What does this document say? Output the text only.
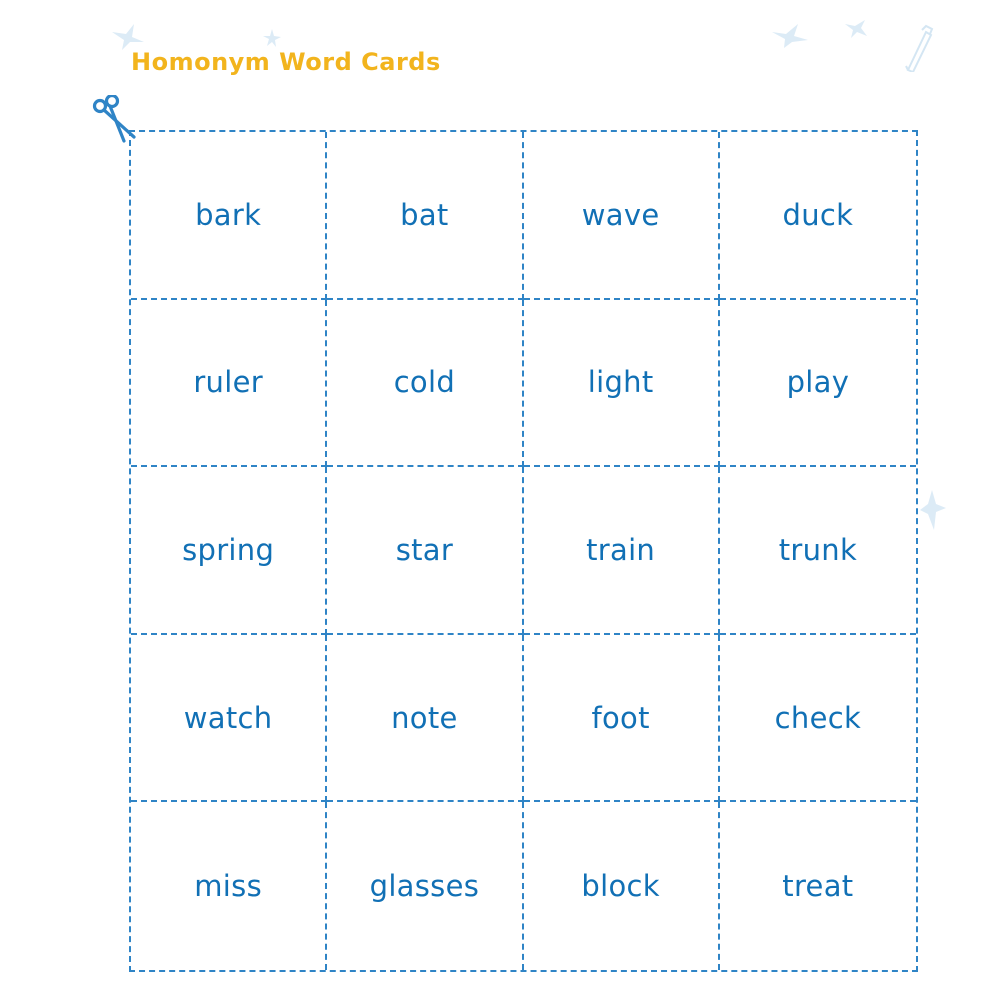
Homonym Word Cards
bark	bat	wave	duck
ruler	cold	light	play
spring	star	train	trunk
watch	note	foot	check
miss	glasses	block	treat
